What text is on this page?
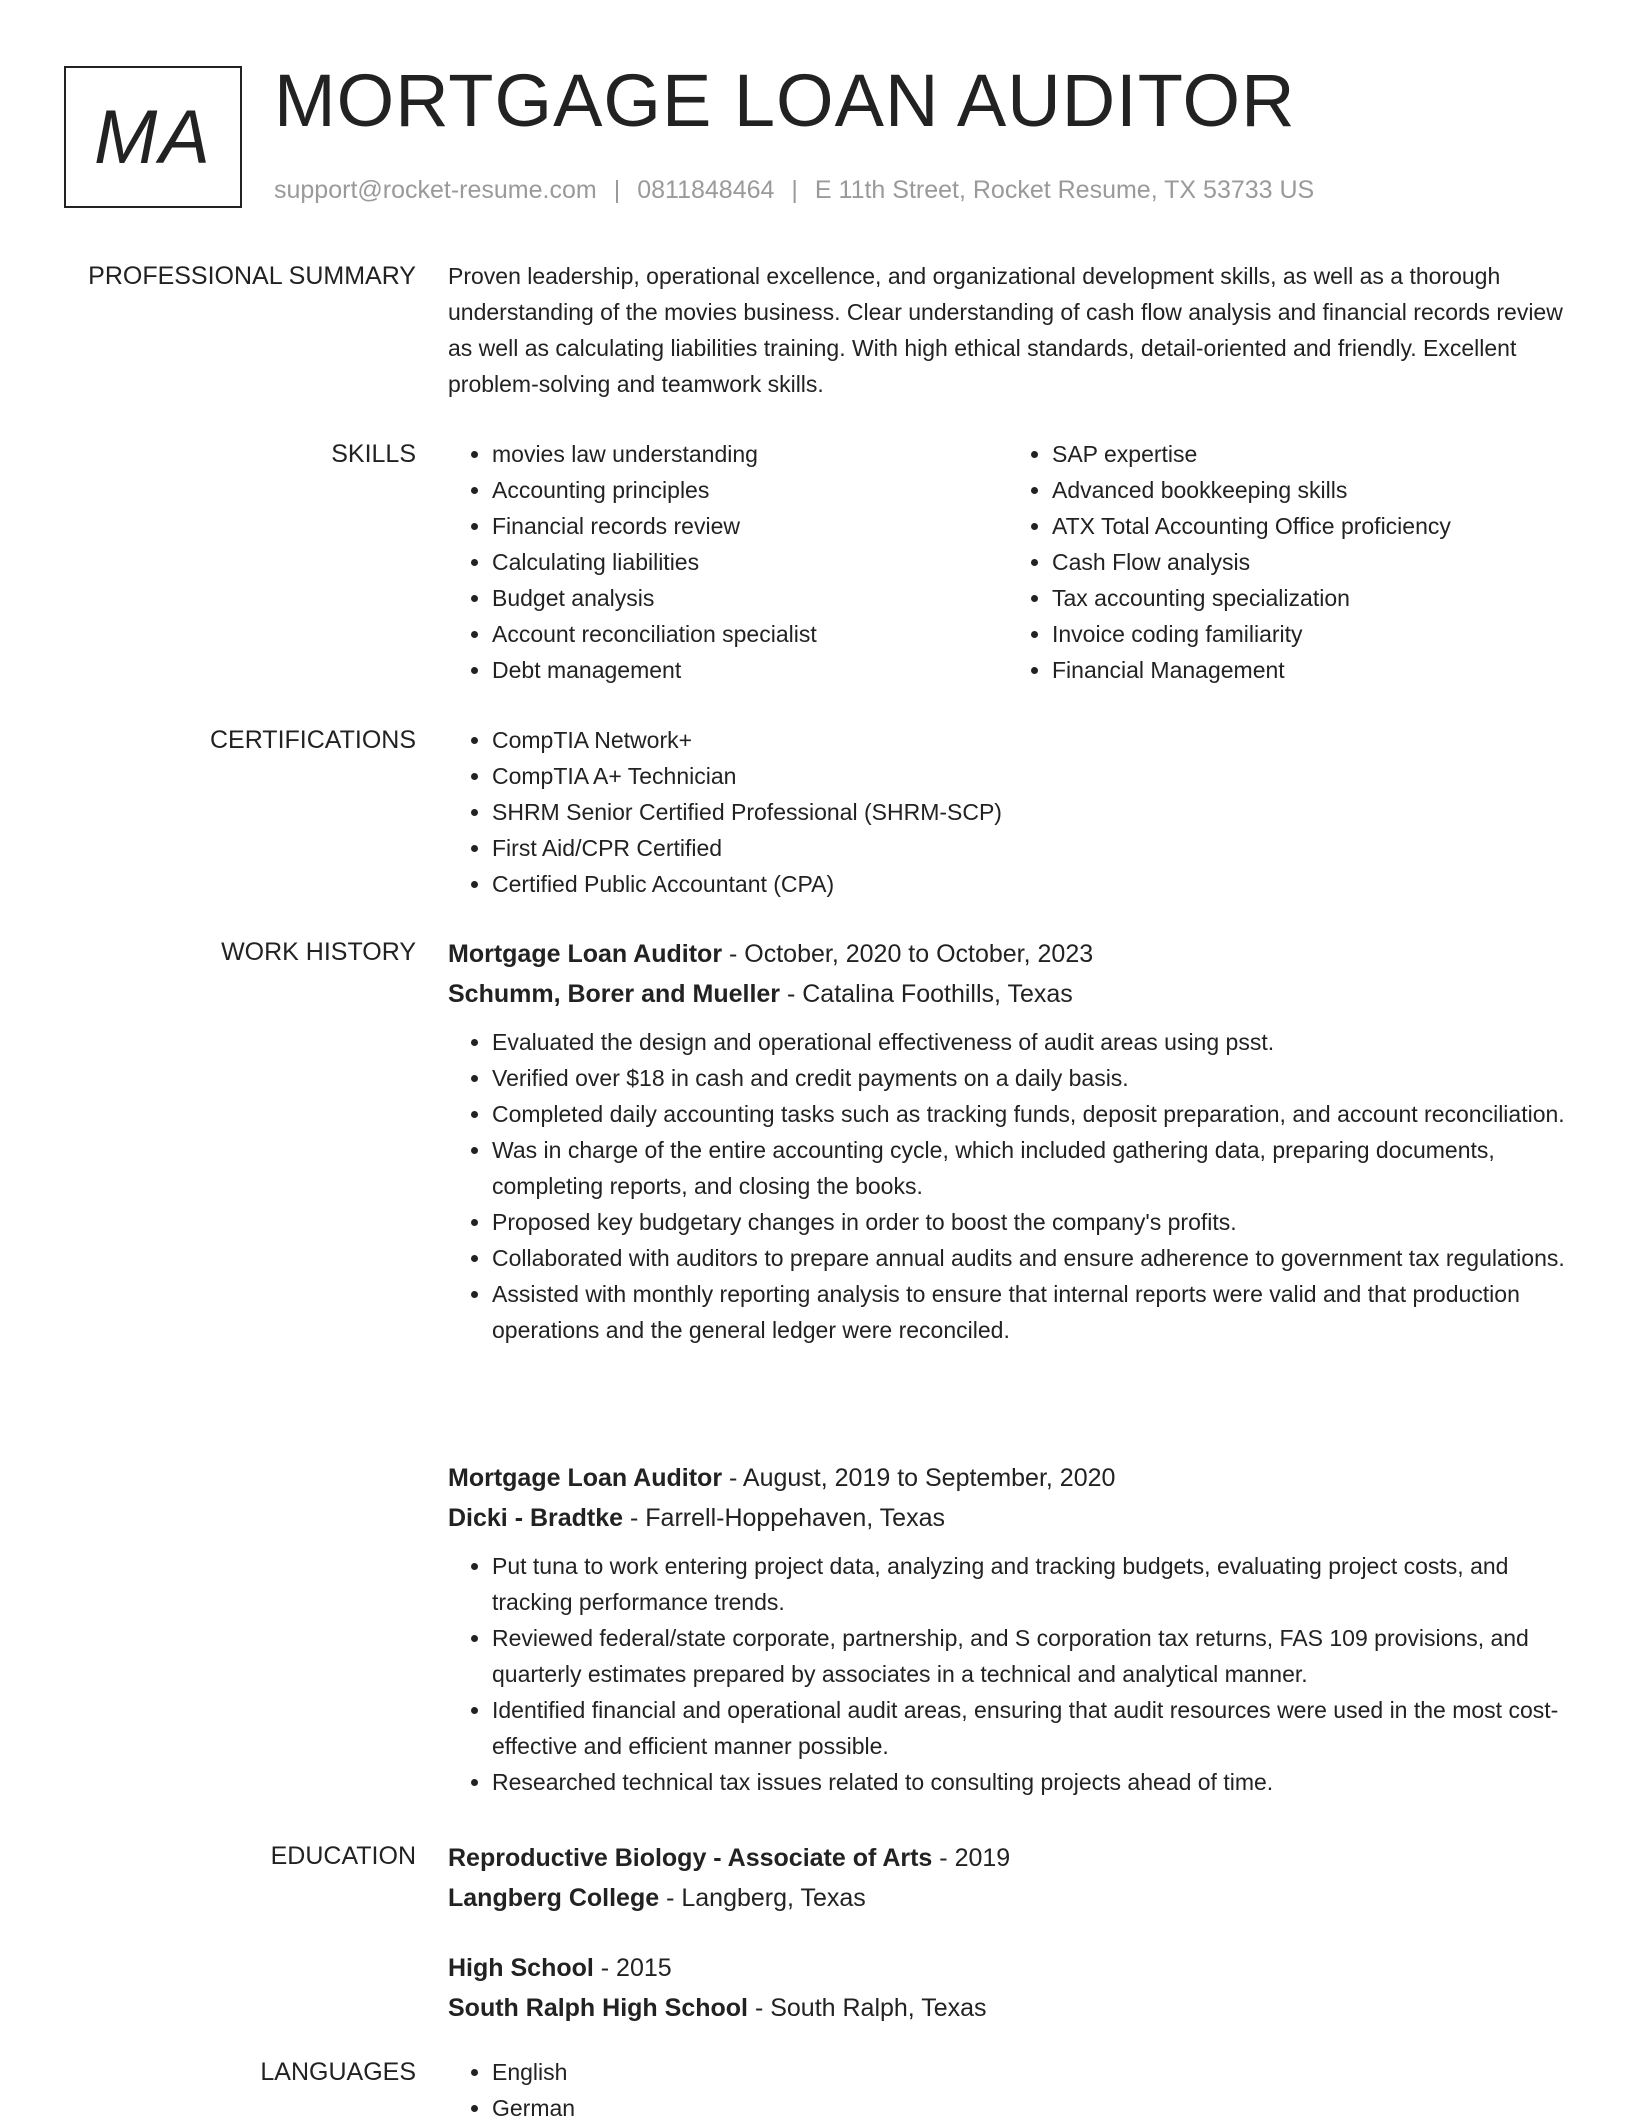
MA MORTGAGE LOAN AUDITOR
support@rocket-resume.com | 0811848464 | E 11th Street, Rocket Resume, TX 53733 US
PROFESSIONAL SUMMARY Proven leadership, operational excellence, and organizational development skills, as well as a thorough understanding of the movies business. Clear understanding of cash flow analysis and financial records review as well as calculating liabilities training. With high ethical standards, detail-oriented and friendly. Excellent problem-solving and teamwork skills.

SKILLS	• movies law understanding
• Accounting principles
• Financial records review
• Calculating liabilities
• Budget analysis
• Account reconciliation specialist
• Debt management
• SAP expertise
• Advanced bookkeeping skills
• ATX Total Accounting Office proficiency
• Cash Flow analysis
• Tax accounting specialization
• Invoice coding familiarity
• Financial Management
CERTIFICATIONS	• CompTIA Network+
• CompTIA A+ Technician
• SHRM Senior Certified Professional (SHRM-SCP)
• First Aid/CPR Certified
• Certified Public Accountant (CPA)
WORK HISTORY Mortgage Loan Auditor - October, 2020 to October, 2023
Schumm, Borer and Mueller - Catalina Foothills, Texas
• Evaluated the design and operational effectiveness of audit areas using psst.
• Verified over $18 in cash and credit payments on a daily basis.
• Completed daily accounting tasks such as tracking funds, deposit preparation, and account reconciliation.
• Was in charge of the entire accounting cycle, which included gathering data, preparing documents, completing reports, and closing the books.
• Proposed key budgetary changes in order to boost the company's profits.
• Collaborated with auditors to prepare annual audits and ensure adherence to government tax regulations.
• Assisted with monthly reporting analysis to ensure that internal reports were valid and that production operations and the general ledger were reconciled.
Mortgage Loan Auditor - August, 2019 to September, 2020
Dicki - Bradtke - Farrell-Hoppehaven, Texas
• Put tuna to work entering project data, analyzing and tracking budgets, evaluating project costs, and tracking performance trends.
• Reviewed federal/state corporate, partnership, and S corporation tax returns, FAS 109 provisions, and quarterly estimates prepared by associates in a technical and analytical manner.
• Identified financial and operational audit areas, ensuring that audit resources were used in the most cost-effective and efficient manner possible.
• Researched technical tax issues related to consulting projects ahead of time.
EDUCATION Reproductive Biology - Associate of Arts - 2019
Langberg College - Langberg, Texas
High School - 2015
South Ralph High School - South Ralph, Texas
LANGUAGES	• English
• German
